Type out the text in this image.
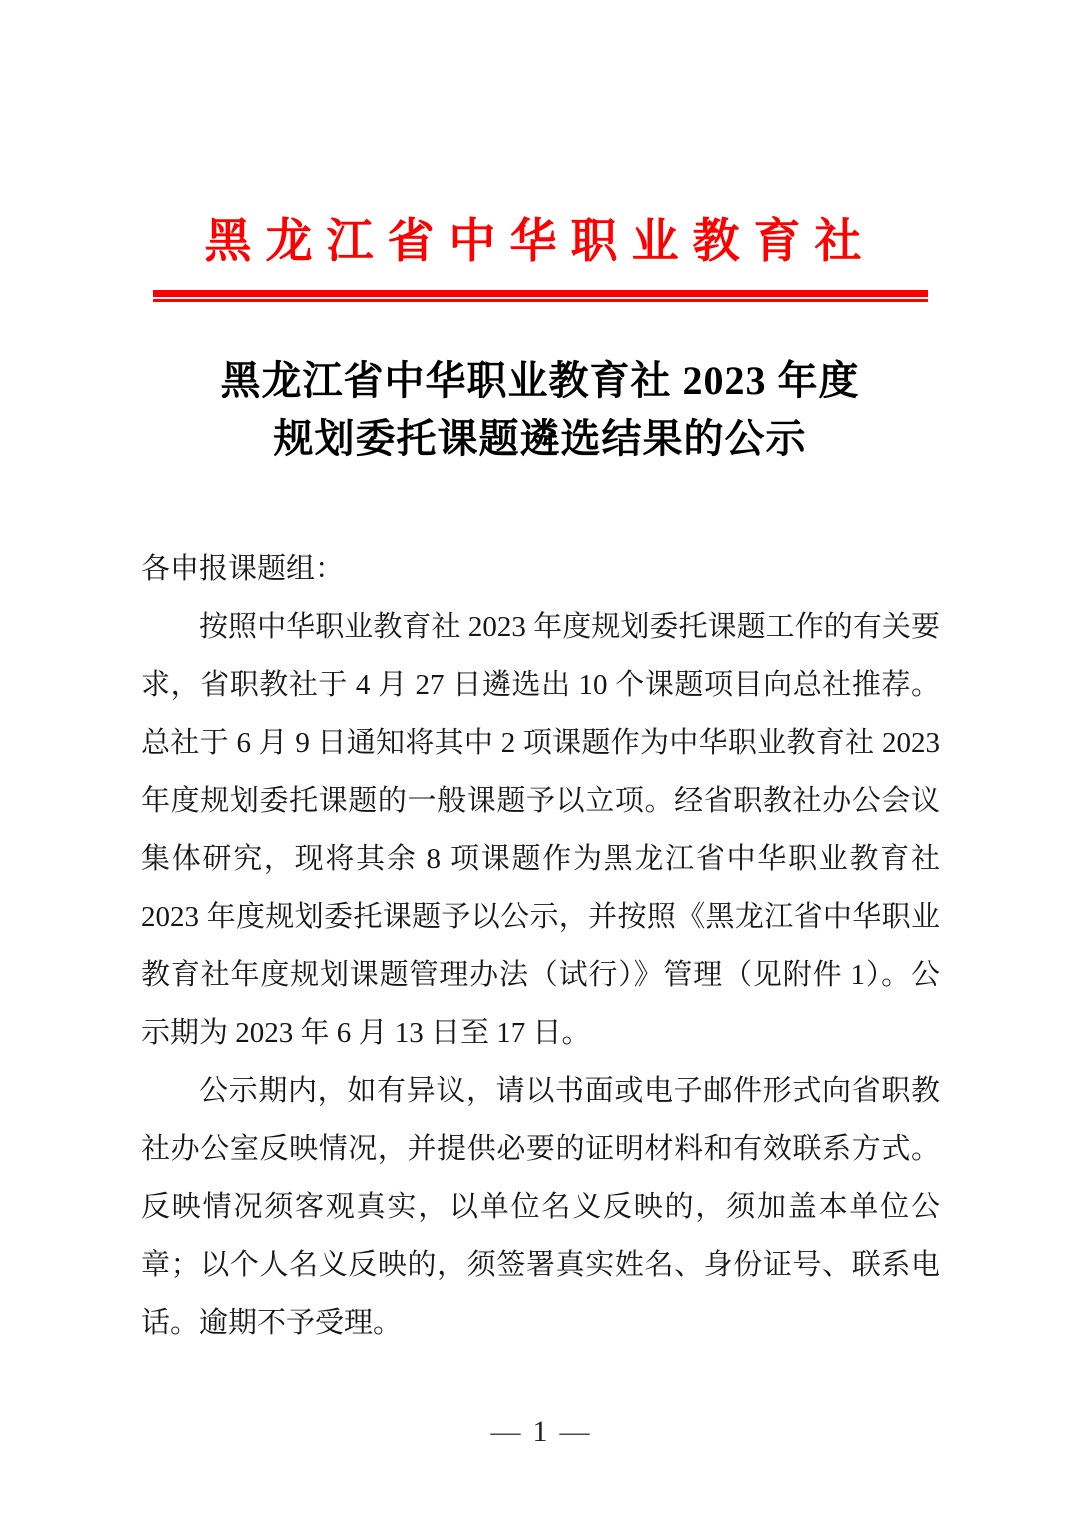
黑龙江省中华职业教育社
黑龙江省中华职业教育社 2023 年度
规划委托课题遴选结果的公示
各申报课题组：

按照中华职业教育社 2023 年度规划委托课题工作的有关要求，省职教社于 4 月 27 日遴选出 10 个课题项目向总社推荐。总社于 6 月 9 日通知将其中 2 项课题作为中华职业教育社 2023 年度规划委托课题的一般课题予以立项。经省职教社办公会议集体研究，现将其余 8 项课题作为黑龙江省中华职业教育社 2023 年度规划委托课题予以公示，并按照《黑龙江省中华职业教育社年度规划课题管理办法（试行）》管理（见附件 1）。公示期为 2023 年 6 月 13 日至 17 日。

公示期内，如有异议，请以书面或电子邮件形式向省职教社办公室反映情况，并提供必要的证明材料和有效联系方式。反映情况须客观真实，以单位名义反映的，须加盖本单位公章；以个人名义反映的，须签署真实姓名、身份证号、联系电话。逾期不予受理。

— 1 —
